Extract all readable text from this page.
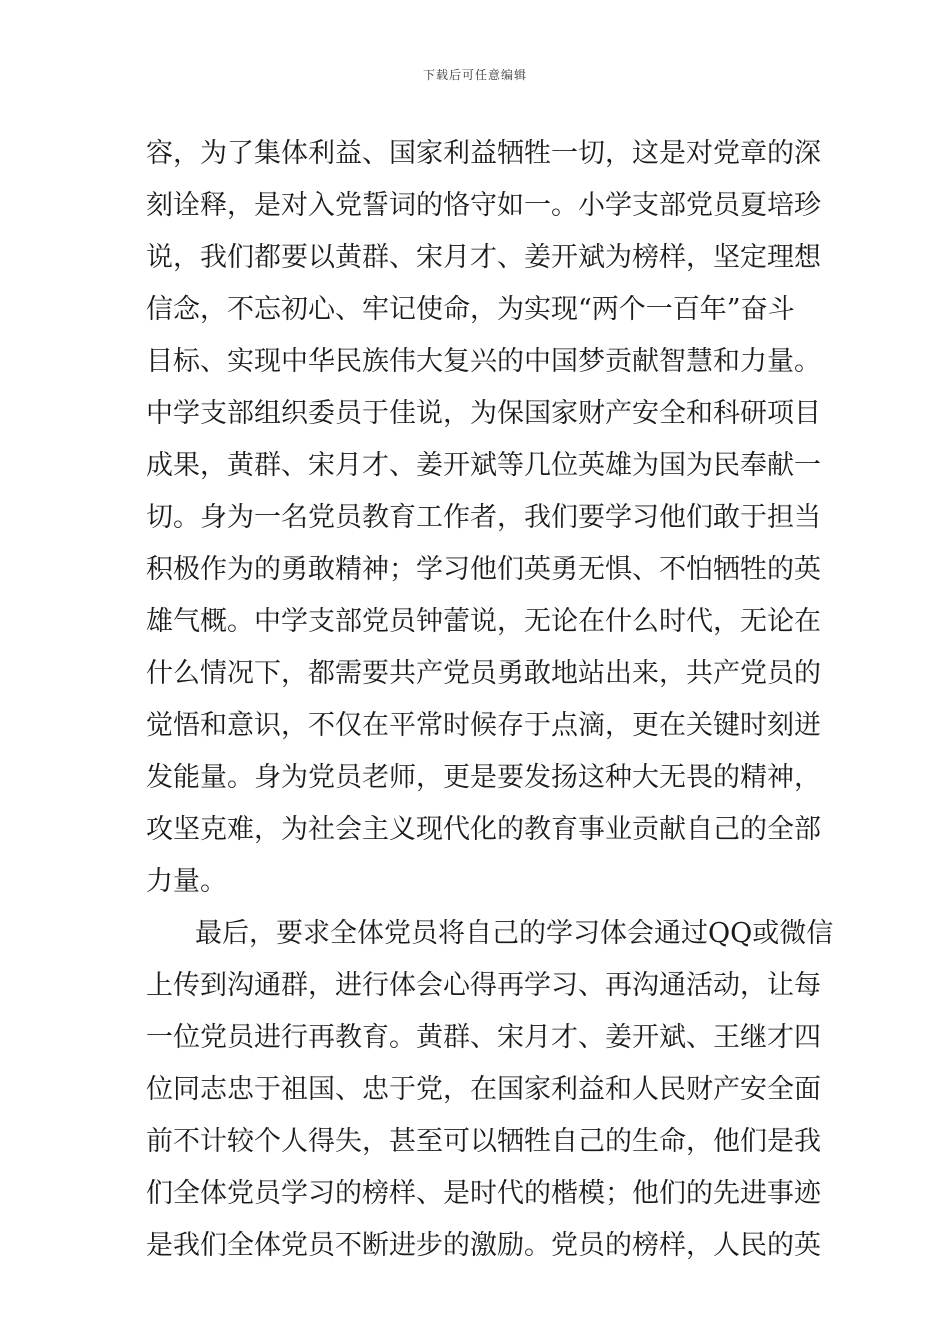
下载后可任意编辑
容，为了集体利益、国家利益牺牲一切，这是对党章的深
刻诠释，是对入党誓词的恪守如一。小学支部党员夏培珍
说，我们都要以黄群、宋月才、姜开斌为榜样，坚定理想
信念，不忘初心、牢记使命，为实现“两个一百年”奋斗
目标、实现中华民族伟大复兴的中国梦贡献智慧和力量。
中学支部组织委员于佳说，为保国家财产安全和科研项目
成果，黄群、宋月才、姜开斌等几位英雄为国为民奉献一
切。身为一名党员教育工作者，我们要学习他们敢于担当
积极作为的勇敢精神；学习他们英勇无惧、不怕牺牲的英
雄气概。中学支部党员钟蕾说，无论在什么时代，无论在
什么情况下，都需要共产党员勇敢地站出来，共产党员的
觉悟和意识，不仅在平常时候存于点滴，更在关键时刻迸
发能量。身为党员老师，更是要发扬这种大无畏的精神，
攻坚克难，为社会主义现代化的教育事业贡献自己的全部
力量。
最后，要求全体党员将自己的学习体会通过QQ或微信
上传到沟通群，进行体会心得再学习、再沟通活动，让每
一位党员进行再教育。黄群、宋月才、姜开斌、王继才四
位同志忠于祖国、忠于党，在国家利益和人民财产安全面
前不计较个人得失，甚至可以牺牲自己的生命，他们是我
们全体党员学习的榜样、是时代的楷模；他们的先进事迹
是我们全体党员不断进步的激励。党员的榜样，人民的英
